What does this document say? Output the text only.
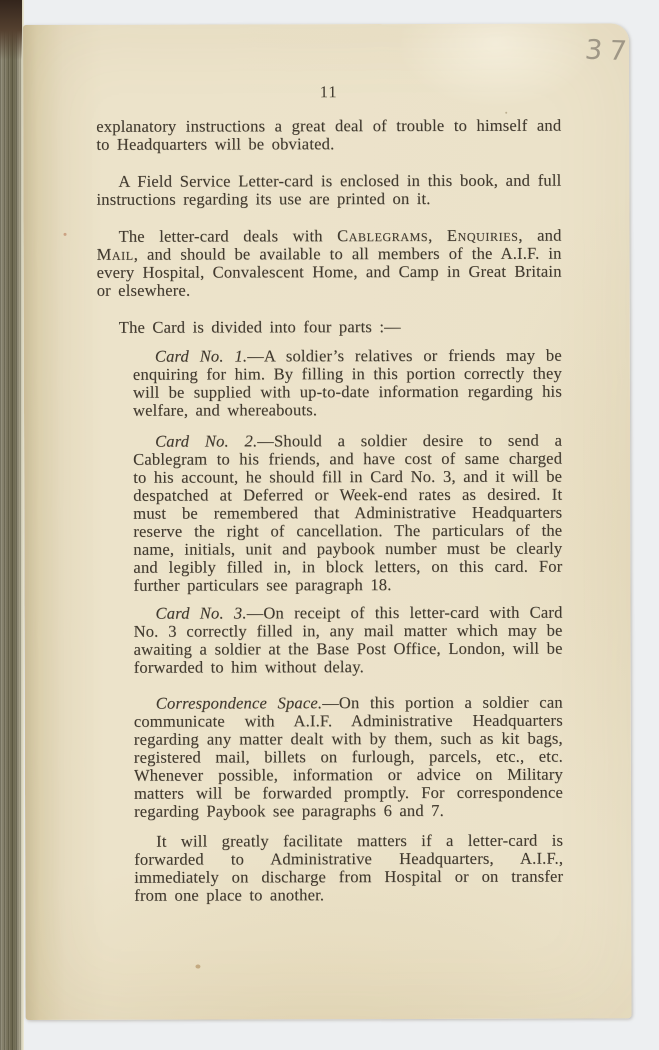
37
11

explanatory instructions a great deal of trouble to himself and to Headquarters will be obviated.

A Field Service Letter-card is enclosed in this book, and full instructions regarding its use are printed on it.

The letter-card deals with Cablegrams, Enquiries, and Mail, and should be available to all members of the A.I.F. in every Hospital, Convalescent Home, and Camp in Great Britain or elsewhere.

The Card is divided into four parts :—

Card No. 1.—A soldier’s relatives or friends may be enquiring for him. By filling in this portion correctly they will be supplied with up-to-date information regarding his welfare, and whereabouts.

Card No. 2.—Should a soldier desire to send a Cablegram to his friends, and have cost of same charged to his account, he should fill in Card No. 3, and it will be despatched at Deferred or Week-end rates as desired. It must be remembered that Administrative Headquarters reserve the right of cancellation. The particulars of the name, initials, unit and paybook number must be clearly and legibly filled in, in block letters, on this card. For further particulars see paragraph 18.

Card No. 3.—On receipt of this letter-card with Card No. 3 correctly filled in, any mail matter which may be awaiting a soldier at the Base Post Office, London, will be forwarded to him without delay.

Correspondence Space.—On this portion a soldier can communicate with A.I.F. Administrative Headquarters regarding any matter dealt with by them, such as kit bags, registered mail, billets on furlough, parcels, etc., etc. Whenever possible, information or advice on Military matters will be forwarded promptly. For correspondence regarding Paybook see paragraphs 6 and 7.

It will greatly facilitate matters if a letter-card is forwarded to Administrative Headquarters, A.I.F., immediately on discharge from Hospital or on transfer from one place to another.
